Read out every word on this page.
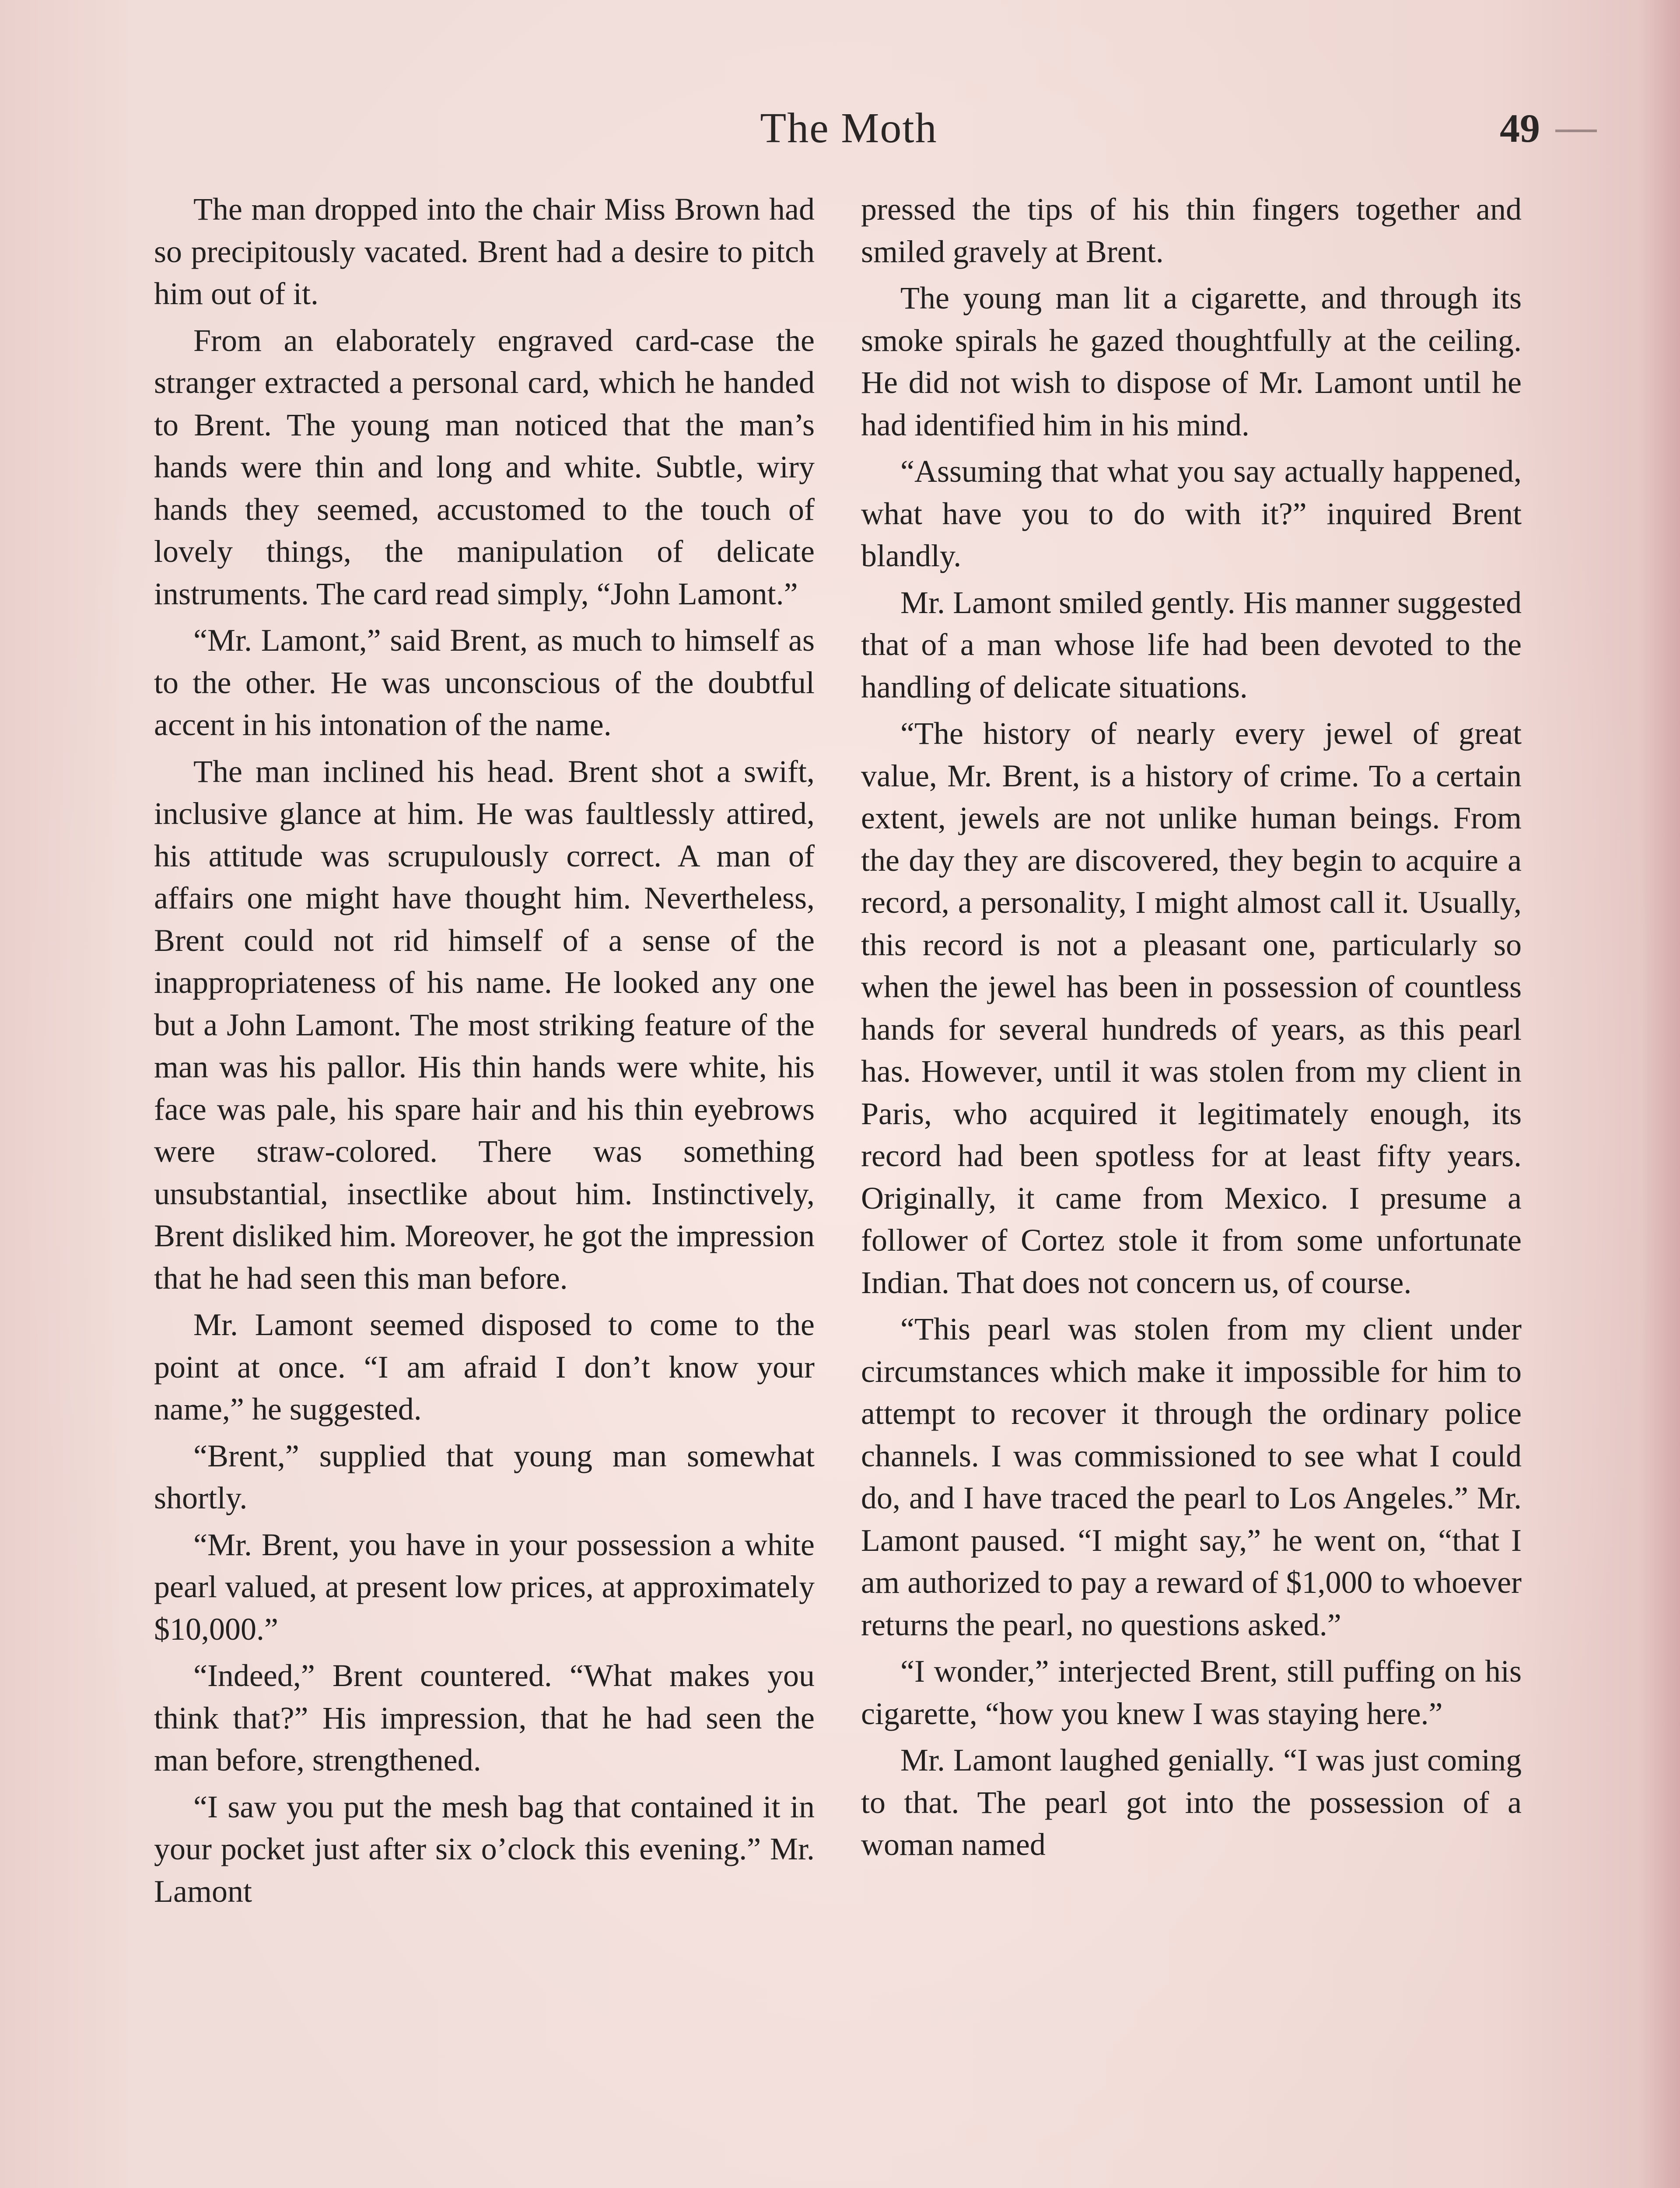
The Moth	49

The man dropped into the chair Miss Brown had so precipitously vacated. Brent had a desire to pitch him out of it.

From an elaborately engraved card-case the stranger extracted a personal card, which he handed to Brent. The young man noticed that the man’s hands were thin and long and white. Subtle, wiry hands they seemed, accustomed to the touch of lovely things, the manipulation of delicate instruments. The card read simply, “John Lamont.”

“Mr. Lamont,” said Brent, as much to himself as to the other. He was unconscious of the doubtful accent in his intonation of the name.

The man inclined his head. Brent shot a swift, inclusive glance at him. He was faultlessly attired, his attitude was scrupulously correct. A man of affairs one might have thought him. Nevertheless, Brent could not rid himself of a sense of the inappropriateness of his name. He looked any one but a John Lamont. The most striking feature of the man was his pallor. His thin hands were white, his face was pale, his spare hair and his thin eyebrows were straw-colored. There was something unsubstantial, insectlike about him. Instinctively, Brent disliked him. Moreover, he got the impression that he had seen this man before.

Mr. Lamont seemed disposed to come to the point at once. “I am afraid I don’t know your name,” he suggested.

“Brent,” supplied that young man somewhat shortly.

“Mr. Brent, you have in your possession a white pearl valued, at present low prices, at approximately $10,000.”

“Indeed,” Brent countered. “What makes you think that?” His impression, that he had seen the man before, strengthened.

“I saw you put the mesh bag that contained it in your pocket just after six o’clock this evening.” Mr. Lamont

pressed the tips of his thin fingers together and smiled gravely at Brent.

The young man lit a cigarette, and through its smoke spirals he gazed thoughtfully at the ceiling. He did not wish to dispose of Mr. Lamont until he had identified him in his mind.

“Assuming that what you say actually happened, what have you to do with it?” inquired Brent blandly.

Mr. Lamont smiled gently. His manner suggested that of a man whose life had been devoted to the handling of delicate situations.

“The history of nearly every jewel of great value, Mr. Brent, is a history of crime. To a certain extent, jewels are not unlike human beings. From the day they are discovered, they begin to acquire a record, a personality, I might almost call it. Usually, this record is not a pleasant one, particularly so when the jewel has been in possession of countless hands for several hundreds of years, as this pearl has. However, until it was stolen from my client in Paris, who acquired it legitimately enough, its record had been spotless for at least fifty years. Originally, it came from Mexico. I presume a follower of Cortez stole it from some unfortunate Indian. That does not concern us, of course.

“This pearl was stolen from my client under circumstances which make it impossible for him to attempt to recover it through the ordinary police channels. I was commissioned to see what I could do, and I have traced the pearl to Los Angeles.” Mr. Lamont paused. “I might say,” he went on, “that I am authorized to pay a reward of $1,000 to whoever returns the pearl, no questions asked.”

“I wonder,” interjected Brent, still puffing on his cigarette, “how you knew I was staying here.”

Mr. Lamont laughed genially. “I was just coming to that. The pearl got into the possession of a woman named
